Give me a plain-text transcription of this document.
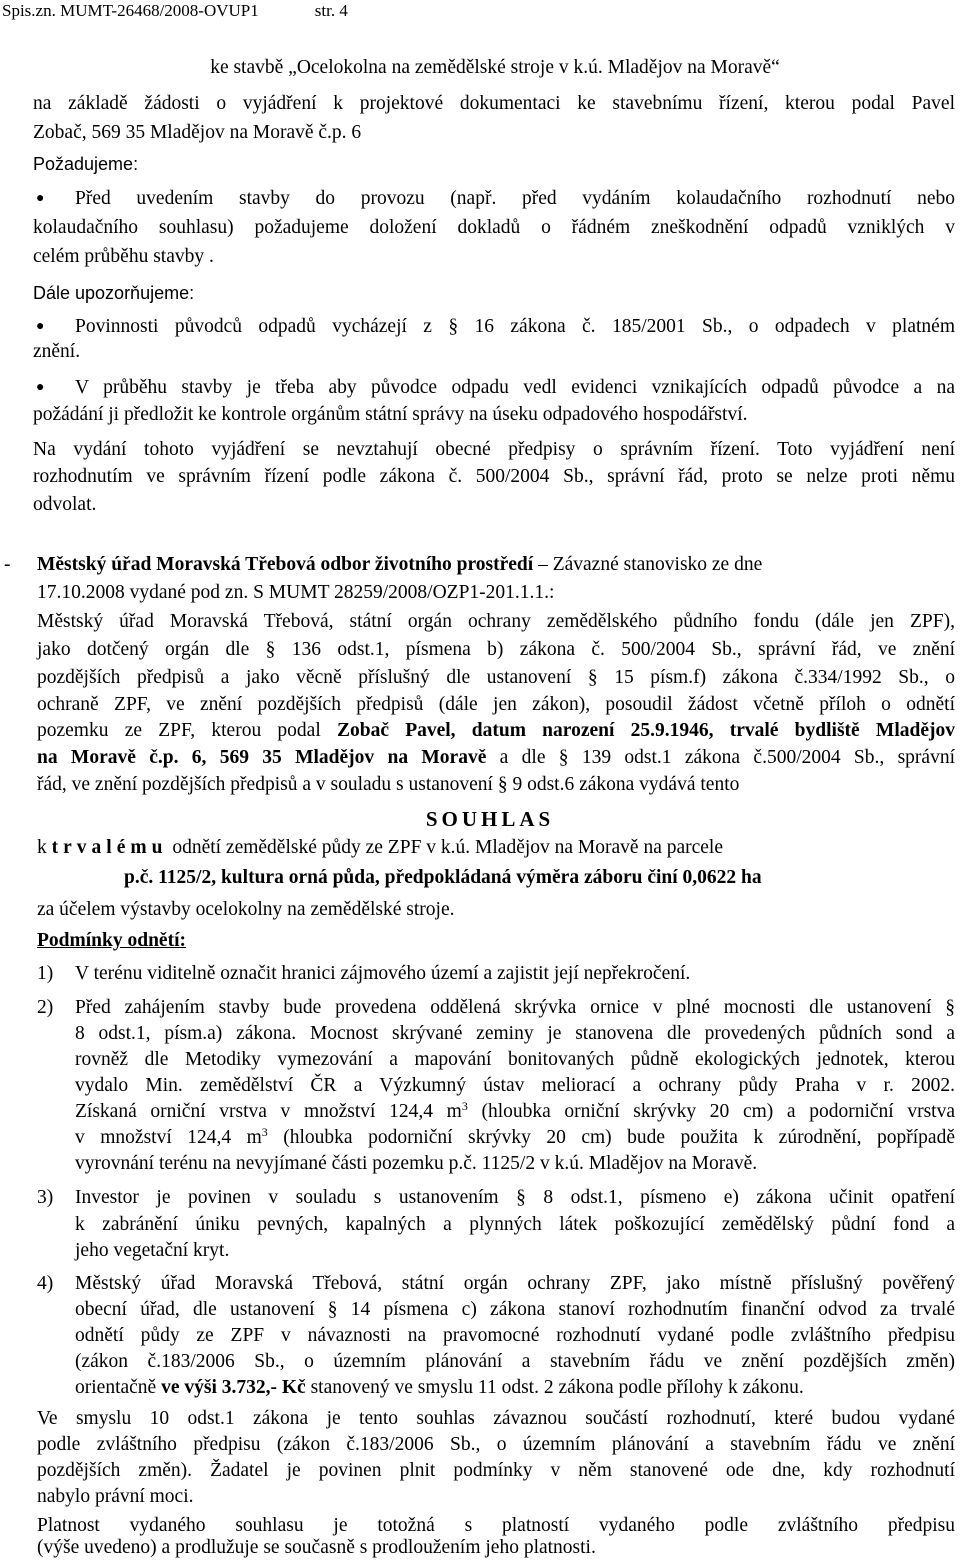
Spis.zn. MUMT-26468/2008-OVUP1	str. 4
ke stavbě „Ocelokolna na zemědělské stroje v k.ú. Mladějov na Moravě“
na základě žádosti o vyjádření k projektové dokumentaci ke stavebnímu řízení, kterou podal Pavel
Zobač, 569 35 Mladějov na Moravě č.p. 6
Požadujeme:
● Před uvedením stavby do provozu (např. před vydáním kolaudačního rozhodnutí nebo
kolaudačního souhlasu) požadujeme doložení dokladů o řádném zneškodnění odpadů vzniklých v
celém průběhu stavby .
Dále upozorňujeme:
● Povinnosti původců odpadů vycházejí z § 16 zákona č. 185/2001 Sb., o odpadech v platném
znění.
● V průběhu stavby je třeba aby původce odpadu vedl evidenci vznikajících odpadů původce a na
požádání ji předložit ke kontrole orgánům státní správy na úseku odpadového hospodářství.
Na vydání tohoto vyjádření se nevztahují obecné předpisy o správním řízení. Toto vyjádření není
rozhodnutím ve správním řízení podle zákona č. 500/2004 Sb., správní řád, proto se nelze proti němu
odvolat.
- Městský úřad Moravská Třebová odbor životního prostředí – Závazné stanovisko ze dne
17.10.2008 vydané pod zn. S MUMT 28259/2008/OZP1-201.1.1.:
Městský úřad Moravská Třebová, státní orgán ochrany zemědělského půdního fondu (dále jen ZPF),
jako dotčený orgán dle § 136 odst.1, písmena b) zákona č. 500/2004 Sb., správní řád, ve znění
pozdějších předpisů a jako věcně příslušný dle ustanovení § 15 písm.f) zákona č.334/1992 Sb., o
ochraně ZPF, ve znění pozdějších předpisů (dále jen zákon), posoudil žádost včetně příloh o odnětí
pozemku ze ZPF, kterou podal Zobač Pavel, datum narození 25.9.1946, trvalé bydliště Mladějov
na Moravě č.p. 6, 569 35 Mladějov na Moravě a dle § 139 odst.1 zákona č.500/2004 Sb., správní
řád, ve znění pozdějších předpisů a v souladu s ustanovení § 9 odst.6 zákona vydává tento
SOUHLAS
k trvalému odnětí zemědělské půdy ze ZPF v k.ú. Mladějov na Moravě na parcele
p.č. 1125/2, kultura orná půda, předpokládaná výměra záboru činí 0,0622 ha
za účelem výstavby ocelokolny na zemědělské stroje.
Podmínky odnětí:
1) V terénu viditelně označit hranici zájmového území a zajistit její nepřekročení.
2) Před zahájením stavby bude provedena oddělená skrývka ornice v plné mocnosti dle ustanovení §
8 odst.1, písm.a) zákona. Mocnost skrývané zeminy je stanovena dle provedených půdních sond a
rovněž dle Metodiky vymezování a mapování bonitovaných půdně ekologických jednotek, kterou
vydalo Min. zemědělství ČR a Výzkumný ústav meliorací a ochrany půdy Praha v r. 2002.
Získaná orniční vrstva v množství 124,4 $m^3$ (hloubka orniční skrývky 20 cm) a podorniční vrstva
v množství 124,4 $m^3$ (hloubka podorniční skrývky 20 cm) bude použita k zúrodnění, popřípadě
vyrovnání terénu na nevyjímané části pozemku p.č. 1125/2 v k.ú. Mladějov na Moravě.
3) Investor je povinen v souladu s ustanovením § 8 odst.1, písmeno e) zákona učinit opatření
k zabránění úniku pevných, kapalných a plynných látek poškozující zemědělský půdní fond a
jeho vegetační kryt.
4) Městský úřad Moravská Třebová, státní orgán ochrany ZPF, jako místně příslušný pověřený
obecní úřad, dle ustanovení § 14 písmena c) zákona stanoví rozhodnutím finanční odvod za trvalé
odnětí půdy ze ZPF v návaznosti na pravomocné rozhodnutí vydané podle zvláštního předpisu
(zákon č.183/2006 Sb., o územním plánování a stavebním řádu ve znění pozdějších změn)
orientačně ve výši 3.732,- Kč stanovený ve smyslu 11 odst. 2 zákona podle přílohy k zákonu.
Ve smyslu 10 odst.1 zákona je tento souhlas závaznou součástí rozhodnutí, které budou vydané
podle zvláštního předpisu (zákon č.183/2006 Sb., o územním plánování a stavebním řádu ve znění
pozdějších změn). Žadatel je povinen plnit podmínky v něm stanovené ode dne, kdy rozhodnutí
nabylo právní moci.
Platnost vydaného souhlasu je totožná s platností vydaného podle zvláštního předpisu
(výše uvedeno) a prodlužuje se současně s prodloužením jeho platnosti.
